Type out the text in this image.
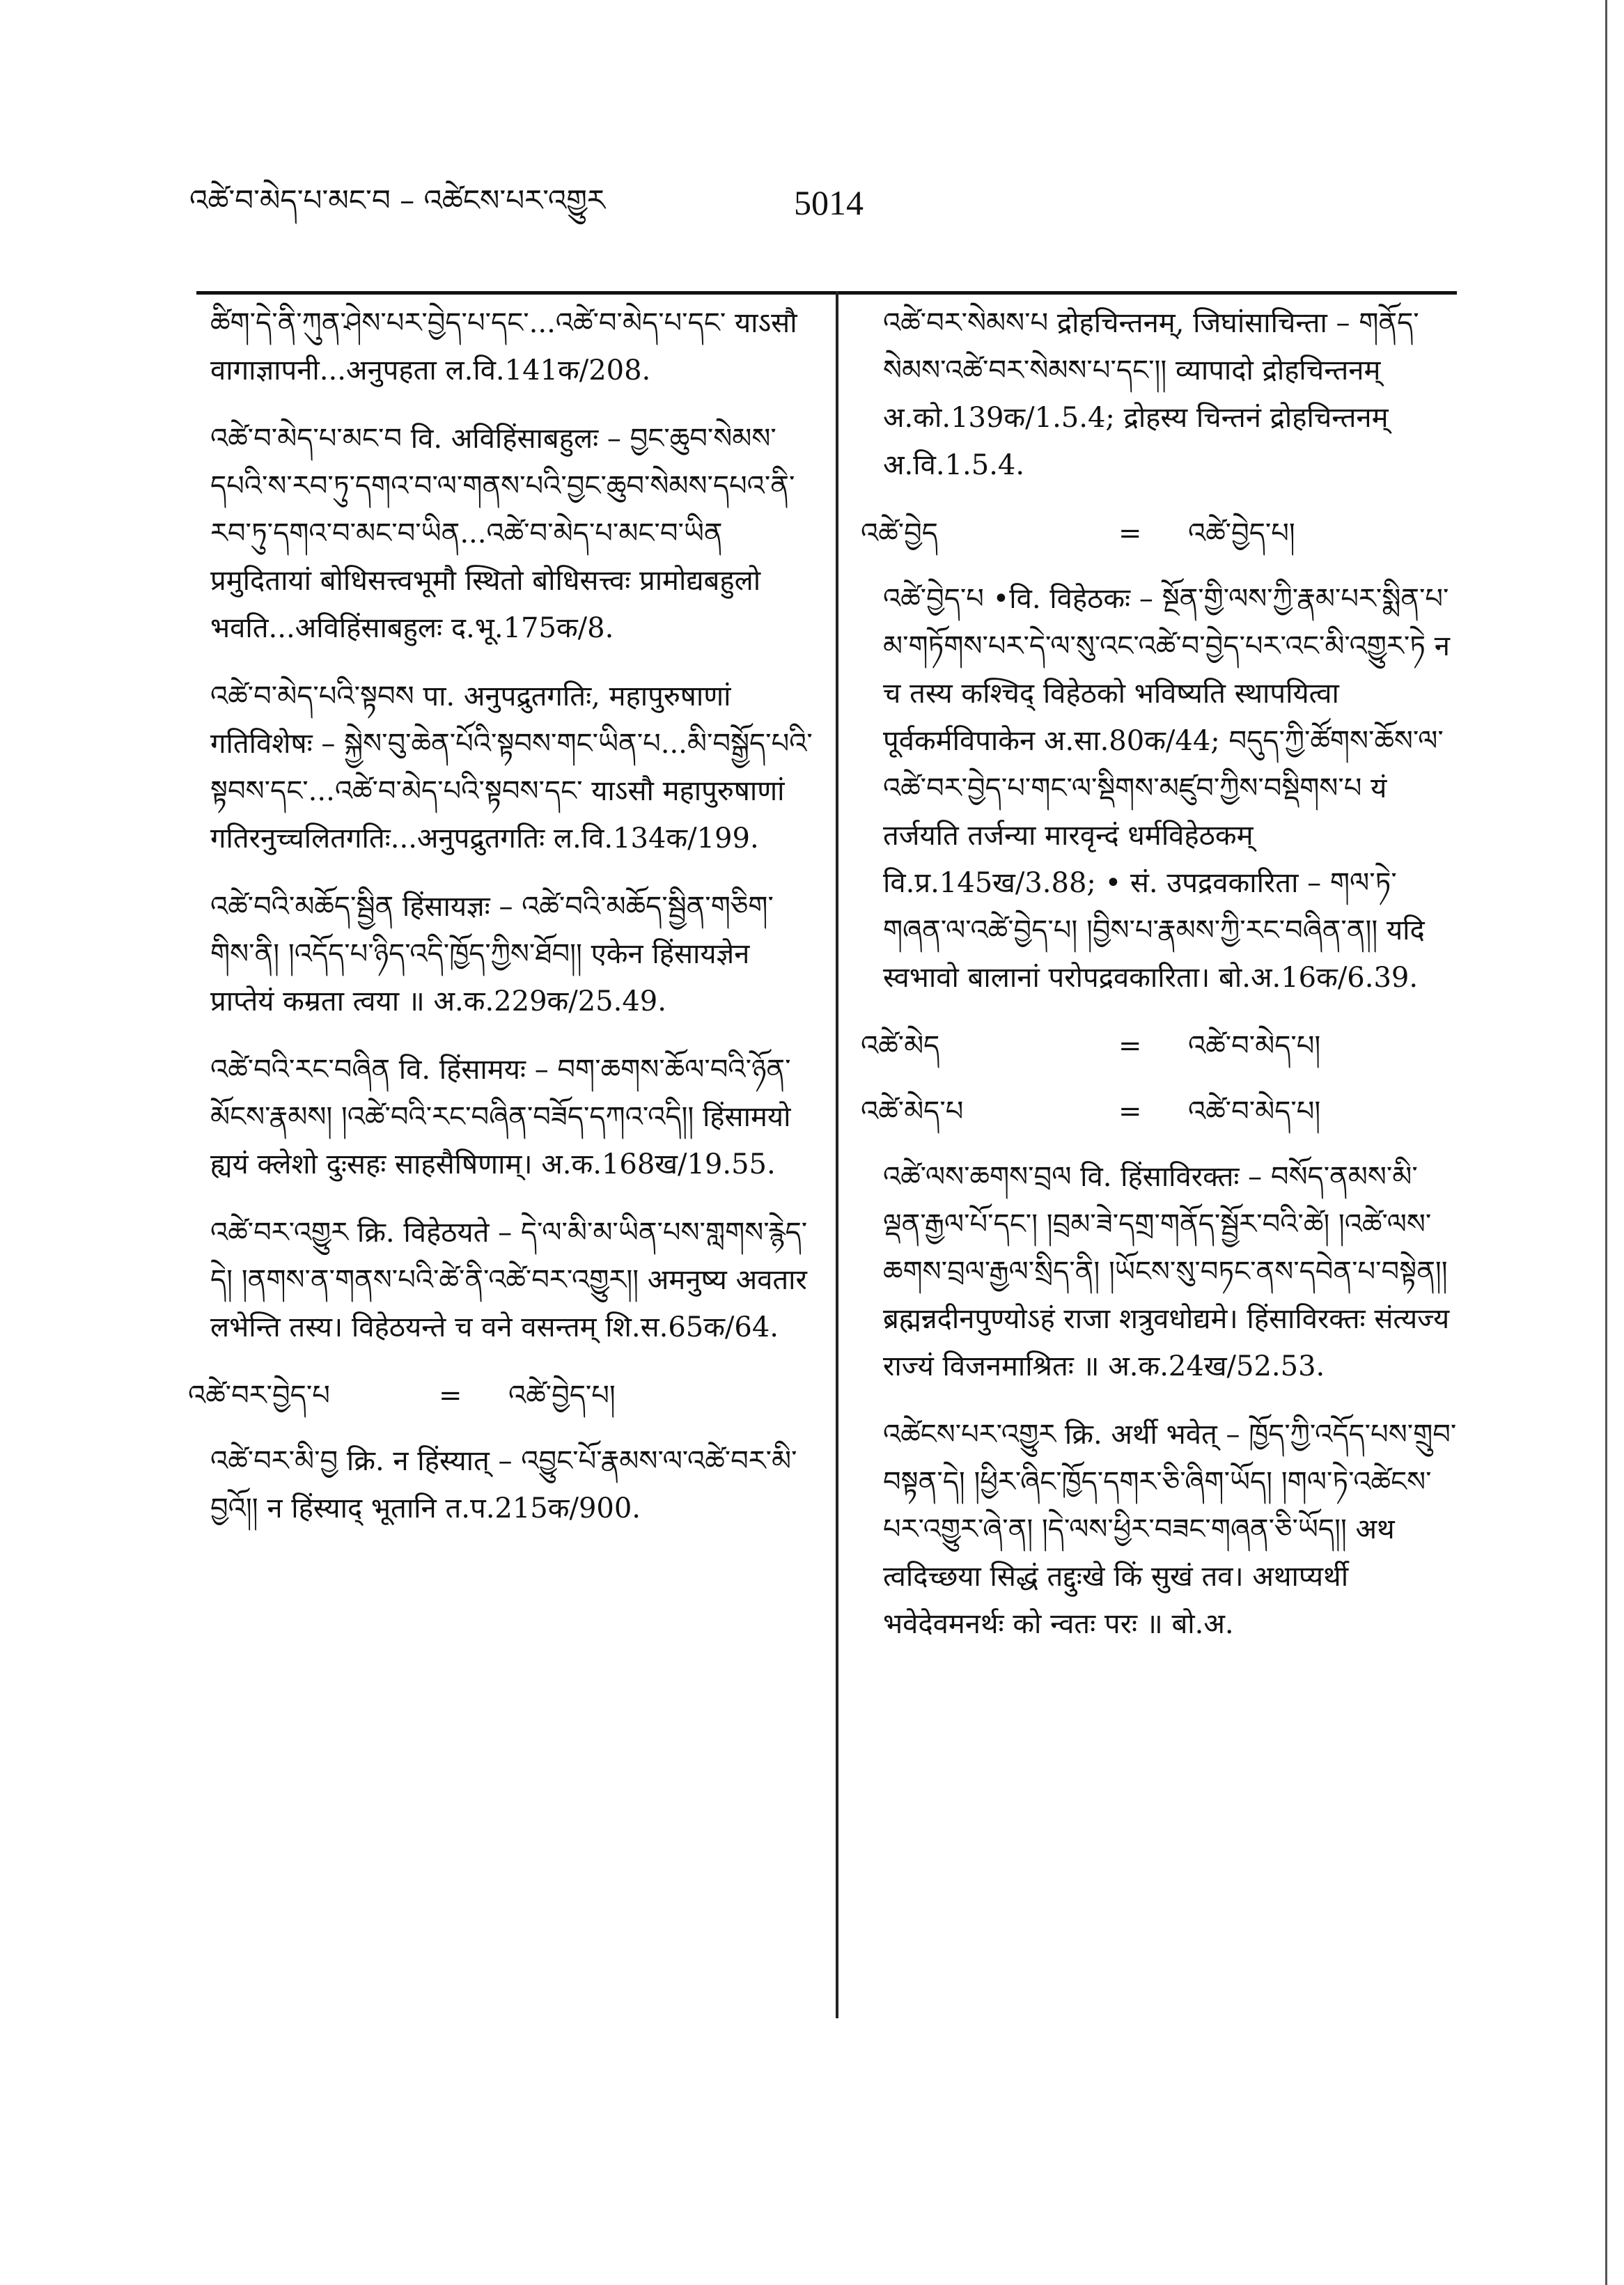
འཚེ་བ་མེད་པ་མང་བ – འཚེངས་པར་འགྱུར	5014
ཚིག་དེ་ནི་ཀུན་ཤེས་པར་བྱེད་པ་དང་...འཚེ་བ་མེད་པ་དང་ याऽसौ वागाज्ञापनी...अनुपहता ल.वि.141क/208.
འཚེ་བ་མེད་པ་མང་བ वि. अविहिंसाबहुलः – བྱང་ཆུབ་སེམས་དཔའི་ས་རབ་ཏུ་དགའ་བ་ལ་གནས་པའི་བྱང་ཆུབ་སེམས་དཔའ་ནི་རབ་ཏུ་དགའ་བ་མང་བ་ཡིན...འཚེ་བ་མེད་པ་མང་བ་ཡིན प्रमुदितायां बोधिसत्त्वभूमौ स्थितो बोधिसत्त्वः प्रामोद्यबहुलो भवति...अविहिंसाबहुलः द.भू.175क/8.
འཚེ་བ་མེད་པའི་སྟབས पा. अनुपद्रुतगतिः, महापुरुषाणां गतिविशेषः – སྐྱེས་བུ་ཆེན་པོའི་སྟབས་གང་ཡིན་པ...མི་བསྒྱོད་པའི་སྟབས་དང་...འཚེ་བ་མེད་པའི་སྟབས་དང་ याऽसौ महापुरुषाणां गतिरनुच्चलितगतिः...अनुपद्रुतगतिः ल.वि.134क/199.
འཚེ་བའི་མཆོད་སྦྱིན हिंसायज्ञः – འཚེ་བའི་མཆོད་སྦྱིན་གཅིག་གིས་ནི། །འདོད་པ་ཉིད་འདི་ཁྱོད་ཀྱིས་ཐོབ།། एकेन हिंसायज्ञेन प्राप्तेयं कम्रता त्वया ॥ अ.क.229क/25.49.
འཚེ་བའི་རང་བཞིན वि. हिंसामयः – བག་ཆགས་ཆོལ་བའི་ཉོན་མོངས་རྣམས། །འཚེ་བའི་རང་བཞིན་བཟོད་དཀའ་འདི།། हिंसामयो ह्ययं क्लेशो दुःसहः साहसैषिणाम्। अ.क.168ख/19.55.
འཚེ་བར་འགྱུར क्रि. विहेठयते – དེ་ལ་མི་མ་ཡིན་པས་གླགས་རྙེད་དེ། །ནགས་ན་གནས་པའི་ཚེ་ནི་འཚེ་བར་འགྱུར།། अमनुष्य अवतार लभेन्ति तस्य। विहेठयन्ते च वने वसन्तम् शि.स.65क/64.
འཚེ་བར་བྱེད་པ	= འཚེ་བྱེད་པ།
འཚེ་བར་མི་བྱ क्रि. न हिंस्यात् – འབྱུང་པོ་རྣམས་ལ་འཚེ་བར་མི་བྱའོ།། न हिंस्याद् भूतानि त.प.215क/900.
འཚེ་བར་སེམས་པ द्रोहचिन्तनम्, जिघांसाचिन्ता – གནོད་སེམས་འཚེ་བར་སེམས་པ་དང་།། व्यापादो द्रोहचिन्तनम् अ.को.139क/1.5.4; द्रोहस्य चिन्तनं द्रोहचिन्तनम् अ.वि.1.5.4.
འཚེ་བྱེད	= འཚེ་བྱེད་པ།
འཚེ་བྱེད་པ •वि. विहेठकः – སྔོན་གྱི་ལས་ཀྱི་རྣམ་པར་སྨིན་པ་མ་གཏོགས་པར་དེ་ལ་སུ་འང་འཚེ་བ་བྱེད་པར་འང་མི་འགྱུར་ཏེ न च तस्य कश्चिद् विहेठको भविष्यति स्थापयित्वा पूर्वकर्मविपाकेन अ.सा.80क/44; བདུད་ཀྱི་ཚོགས་ཆོས་ལ་འཚེ་བར་བྱེད་པ་གང་ལ་སྡིགས་མཛུབ་ཀྱིས་བསྡིགས་པ यं तर्जयति तर्जन्या मारवृन्दं धर्मविहेठकम् वि.प्र.145ख/3.88; • सं. उपद्रवकारिता – གལ་ཏེ་གཞན་ལ་འཚེ་བྱེད་པ། །བྱིས་པ་རྣམས་ཀྱི་རང་བཞིན་ན།། यदि स्वभावो बालानां परोपद्रवकारिता। बो.अ.16क/6.39.
འཚེ་མེད	= འཚེ་བ་མེད་པ།
འཚེ་མེད་པ	= འཚེ་བ་མེད་པ།
འཚེ་ལས་ཆགས་བྲལ वि. हिंसाविरक्तः – བསོད་ནམས་མི་ལྡན་རྒྱལ་པོ་དང་། །བྲམ་ཟེ་དགྲ་གནོད་སྦྱོར་བའི་ཚེ། །འཚེ་ལས་ཆགས་བྲལ་རྒྱལ་སྲིད་ནི། །ཡོངས་སུ་བཏང་ནས་དབེན་པ་བསྟེན།། ब्रह्मन्नदीनपुण्योऽहं राजा शत्रुवधोद्यमे। हिंसाविरक्तः संत्यज्य राज्यं विजनमाश्रितः ॥ अ.क.24ख/52.53.
འཚེངས་པར་འགྱུར क्रि. अर्थी भवेत् – ཁྱོད་ཀྱི་འདོད་པས་གྲུབ་བསྟན་དེ། །ཕྱིར་ཞིང་ཁྱོད་དགར་ཅི་ཞིག་ཡོད། །གལ་ཏེ་འཚེངས་པར་འགྱུར་ཞེ་ན། །དེ་ལས་ཕྱིར་བཟང་གཞན་ཅི་ཡོད།། अथ त्वदिच्छया सिद्धं तद्दुःखे किं सुखं तव। अथाप्यर्थी भवेदेवमनर्थः को न्वतः परः ॥ बो.अ.
